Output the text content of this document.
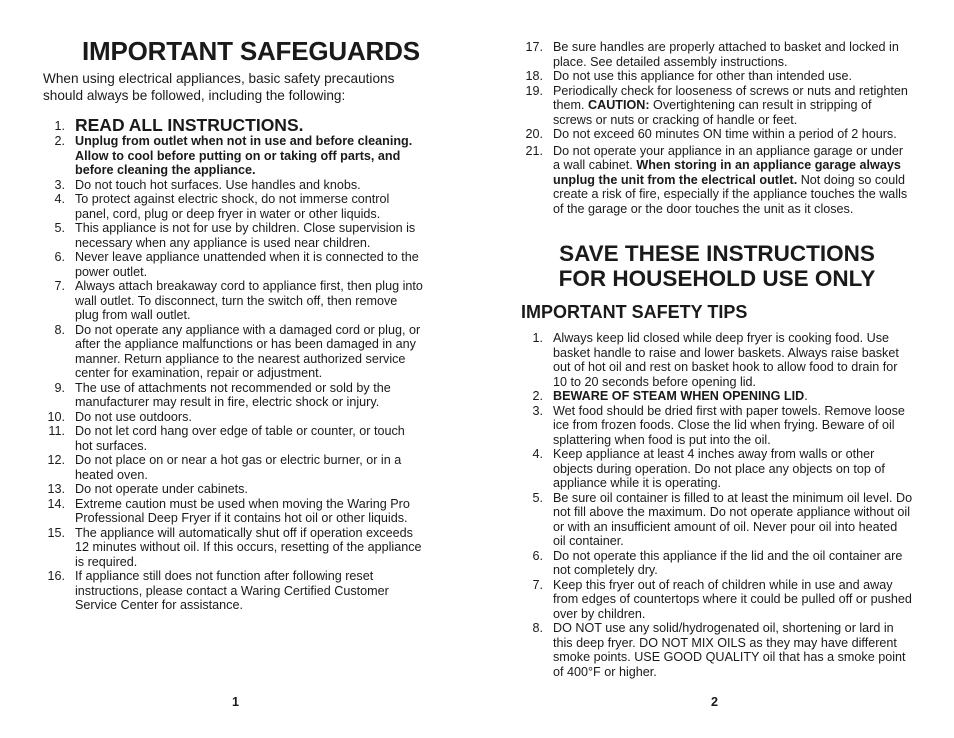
IMPORTANT SAFEGUARDS

When using electrical appliances, basic safety precautions should always be followed, including the following:

1. READ ALL INSTRUCTIONS.
2. Unplug from outlet when not in use and before cleaning. Allow to cool before putting on or taking off parts, and before cleaning the appliance.
3. Do not touch hot surfaces. Use handles and knobs.
4. To protect against electric shock, do not immerse control panel, cord, plug or deep fryer in water or other liquids.
5. This appliance is not for use by children. Close supervision is necessary when any appliance is used near children.
6. Never leave appliance unattended when it is connected to the power outlet.
7. Always attach breakaway cord to appliance first, then plug into wall outlet. To disconnect, turn the switch off, then remove plug from wall outlet.
8. Do not operate any appliance with a damaged cord or plug, or after the appliance malfunctions or has been damaged in any manner. Return appliance to the nearest authorized service center for examination, repair or adjustment.
9. The use of attachments not recommended or sold by the manufacturer may result in fire, electric shock or injury.
10. Do not use outdoors.
11. Do not let cord hang over edge of table or counter, or touch hot surfaces.
12. Do not place on or near a hot gas or electric burner, or in a heated oven.
13. Do not operate under cabinets.
14. Extreme caution must be used when moving the Waring Pro Professional Deep Fryer if it contains hot oil or other liquids.
15. The appliance will automatically shut off if operation exceeds 12 minutes without oil. If this occurs, resetting of the appliance is required.
16. If appliance still does not function after following reset instructions, please contact a Waring Certified Customer Service Center for assistance.
1
17. Be sure handles are properly attached to basket and locked in place. See detailed assembly instructions.
18. Do not use this appliance for other than intended use.
19. Periodically check for looseness of screws or nuts and retighten them. CAUTION: Overtightening can result in stripping of screws or nuts or cracking of handle or feet.
20. Do not exceed 60 minutes ON time within a period of 2 hours.
21. Do not operate your appliance in an appliance garage or under a wall cabinet. When storing in an appliance garage always unplug the unit from the electrical outlet. Not doing so could create a risk of fire, especially if the appliance touches the walls of the garage or the door touches the unit as it closes.
SAVE THESE INSTRUCTIONS
FOR HOUSEHOLD USE ONLY
IMPORTANT SAFETY TIPS
1. Always keep lid closed while deep fryer is cooking food. Use basket handle to raise and lower baskets. Always raise basket out of hot oil and rest on basket hook to allow food to drain for 10 to 20 seconds before opening lid.
2. BEWARE OF STEAM WHEN OPENING LID.
3. Wet food should be dried first with paper towels. Remove loose ice from frozen foods. Close the lid when frying. Beware of oil splattering when food is put into the oil.
4. Keep appliance at least 4 inches away from walls or other objects during operation. Do not place any objects on top of appliance while it is operating.
5. Be sure oil container is filled to at least the minimum oil level. Do not fill above the maximum. Do not operate appliance without oil or with an insufficient amount of oil. Never pour oil into heated oil container.
6. Do not operate this appliance if the lid and the oil container are not completely dry.
7. Keep this fryer out of reach of children while in use and away from edges of countertops where it could be pulled off or pushed over by children.
8. DO NOT use any solid/hydrogenated oil, shortening or lard in this deep fryer. DO NOT MIX OILS as they may have different smoke points. USE GOOD QUALITY oil that has a smoke point of 400°F or higher.
2
